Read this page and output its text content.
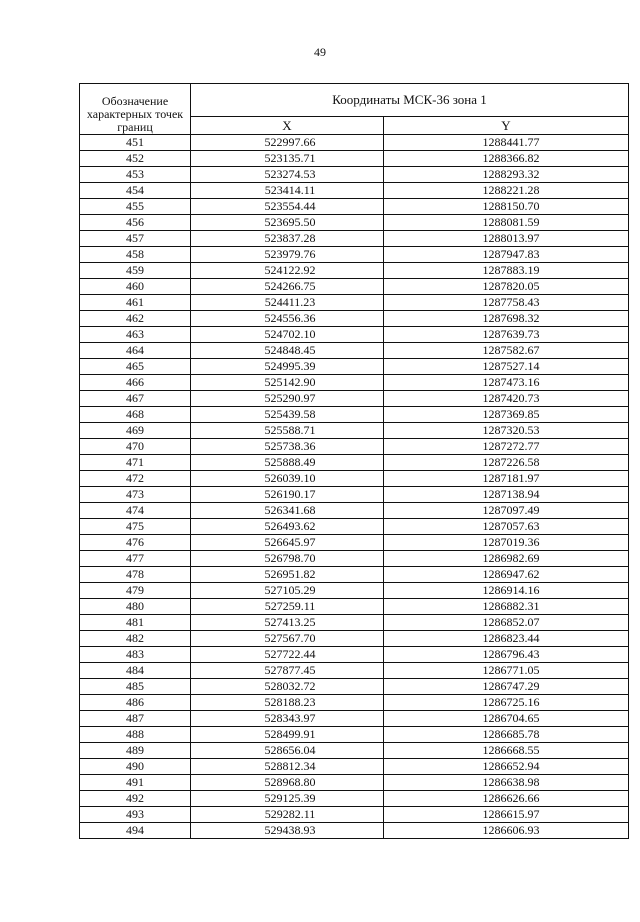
49
Обозначение характерных точек границ	Координаты МСК-36 зона 1	
	X	Y
451	522997.66	1288441.77
452	523135.71	1288366.82
453	523274.53	1288293.32
454	523414.11	1288221.28
455	523554.44	1288150.70
456	523695.50	1288081.59
457	523837.28	1288013.97
458	523979.76	1287947.83
459	524122.92	1287883.19
460	524266.75	1287820.05
461	524411.23	1287758.43
462	524556.36	1287698.32
463	524702.10	1287639.73
464	524848.45	1287582.67
465	524995.39	1287527.14
466	525142.90	1287473.16
467	525290.97	1287420.73
468	525439.58	1287369.85
469	525588.71	1287320.53
470	525738.36	1287272.77
471	525888.49	1287226.58
472	526039.10	1287181.97
473	526190.17	1287138.94
474	526341.68	1287097.49
475	526493.62	1287057.63
476	526645.97	1287019.36
477	526798.70	1286982.69
478	526951.82	1286947.62
479	527105.29	1286914.16
480	527259.11	1286882.31
481	527413.25	1286852.07
482	527567.70	1286823.44
483	527722.44	1286796.43
484	527877.45	1286771.05
485	528032.72	1286747.29
486	528188.23	1286725.16
487	528343.97	1286704.65
488	528499.91	1286685.78
489	528656.04	1286668.55
490	528812.34	1286652.94
491	528968.80	1286638.98
492	529125.39	1286626.66
493	529282.11	1286615.97
494	529438.93	1286606.93
